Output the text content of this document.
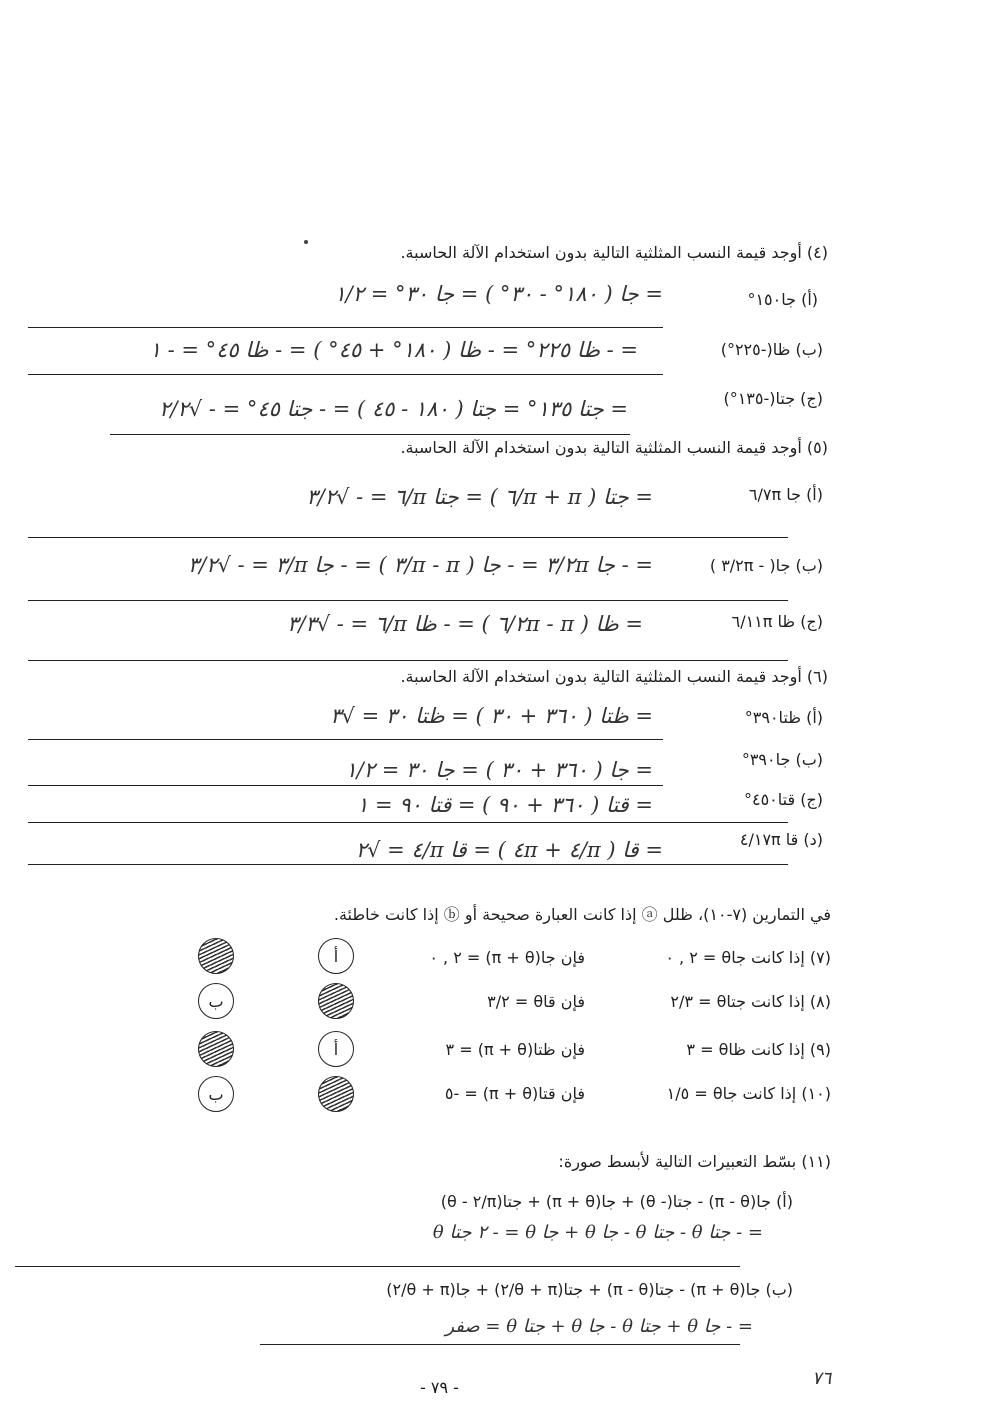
(٤) أوجد قيمة النسب المثلثية التالية بدون استخدام الآلة الحاسبة.
(أ) جا١٥٠°
= جا ( ١٨٠° - ٣٠° ) = جا ٣٠° = ١/٢
(ب) ظا(-٢٢٥°)
= - ظا ٢٢٥° = - ظا ( ١٨٠° + ٤٥° ) = - ظا ٤٥° = - ١
(ج) جتا(-١٣٥°)
= جتا ١٣٥° = جتا ( ١٨٠ - ٤٥ ) = - جتا ٤٥° = - √٢/٢
(٥) أوجد قيمة النسب المثلثية التالية بدون استخدام الآلة الحاسبة.
(أ) جا ٧π/٦
= جتا ( π + π/٦ ) = جتا π/٦ = - √٣/٢
(ب) جا( - ٢π/٣ )
= - جا ٢π/٣ = - جا ( π - π/٣ ) = - جا π/٣ = - √٣/٢
(ج) ظا ١١π/٦
= ظا ( ٢π - π/٦ ) = - ظا π/٦ = - √٣/٣
(٦) أوجد قيمة النسب المثلثية التالية بدون استخدام الآلة الحاسبة.
(أ) ظتا٣٩٠°
= ظتا ( ٣٦٠ + ٣٠ ) = ظتا ٣٠ = √٣
(ب) جا٣٩٠°
= جا ( ٣٦٠ + ٣٠ ) = جا ٣٠ = ١/٢
(ج) قتا٤٥٠°
= قتا ( ٣٦٠ + ٩٠ ) = قتا ٩٠ = ١
(د) قا ١٧π/٤
= قا ( π/٤ + ٤π ) = قا π/٤ = √٢
في التمارين (٧-١٠)، ظلل ⓐ إذا كانت العبارة صحيحة أو ⓑ إذا كانت خاطئة.
(٧) إذا كانت جاθ = ٢ , ٠
فإن جا(π + θ) = ٢ , ٠
أ
(٨) إذا كانت جتاθ = ٢/٣
فإن قاθ = ٣/٢
ب
(٩) إذا كانت ظاθ = ٣
فإن ظتا(π + θ) = ٣
أ
(١٠) إذا كانت جاθ = ١/٥
فإن قتا(π + θ) = -٥
ب
(١١) بسّط التعبيرات التالية لأبسط صورة:
(أ) جا(π - θ) - جتا(- θ) + جا(π + θ) + جتا(π/٢ - θ)
= - جتا θ - جتا θ - جا θ + جا θ = - ٢ جتا θ
(ب) جا(π + θ) - جتا(π - θ) + جتا(θ + π/٢) + جا(θ + π/٢)
= - جا θ + جتا θ - جا θ + جتا θ = صفر
- ٧٩ -	٧٦
